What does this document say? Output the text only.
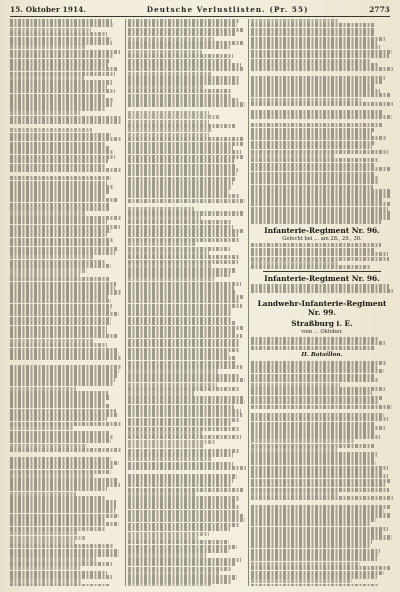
15. Oktober 1914.	Deutsche Verlustlisten. (Pr. 55)	2773
Infanterie-Regiment Nr. 96.
Gefecht bei ... am 28., 29., 30.
Infanterie-Regiment Nr. 96.
Landwehr-Infanterie-Regiment Nr. 99.
Straßburg i. E.
vom ... Oktober.
II. Bataillon.
